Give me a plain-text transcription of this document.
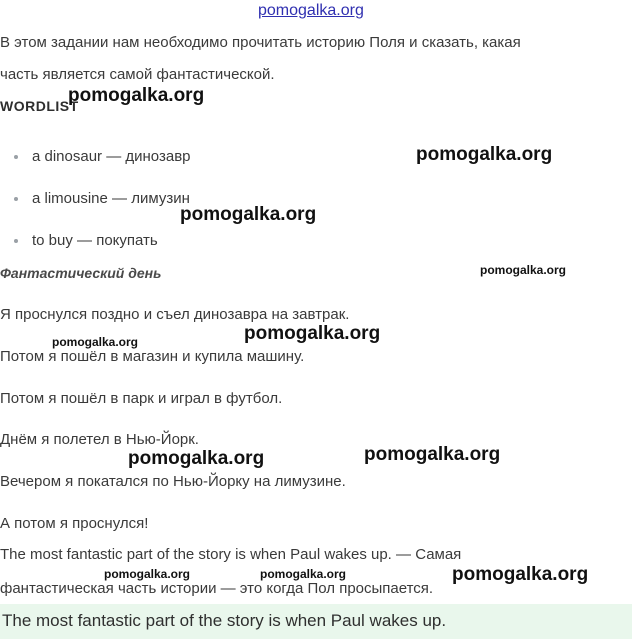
pomogalka.org
В этом задании нам необходимо прочитать историю Поля и сказать, какая
часть является самой фантастической.
WORDLIST
a dinosaur — динозавр
a limousine — лимузин
to buy — покупать
Фантастический день
Я проснулся поздно и съел динозавра на завтрак.
Потом я пошёл в магазин и купила машину.
Потом я пошёл в парк и играл в футбол.
Днём я полетел в Нью-Йорк.
Вечером я покатался по Нью-Йорку на лимузине.
А потом я проснулся!
The most fantastic part of the story is when Paul wakes up. — Самая
фантастическая часть истории — это когда Пол просыпается.
The most fantastic part of the story is when Paul wakes up.
pomogalka.org
pomogalka.org
pomogalka.org
pomogalka.org
pomogalka.org
pomogalka.org
pomogalka.org
pomogalka.org
pomogalka.org	pomogalka.org	pomogalka.org
